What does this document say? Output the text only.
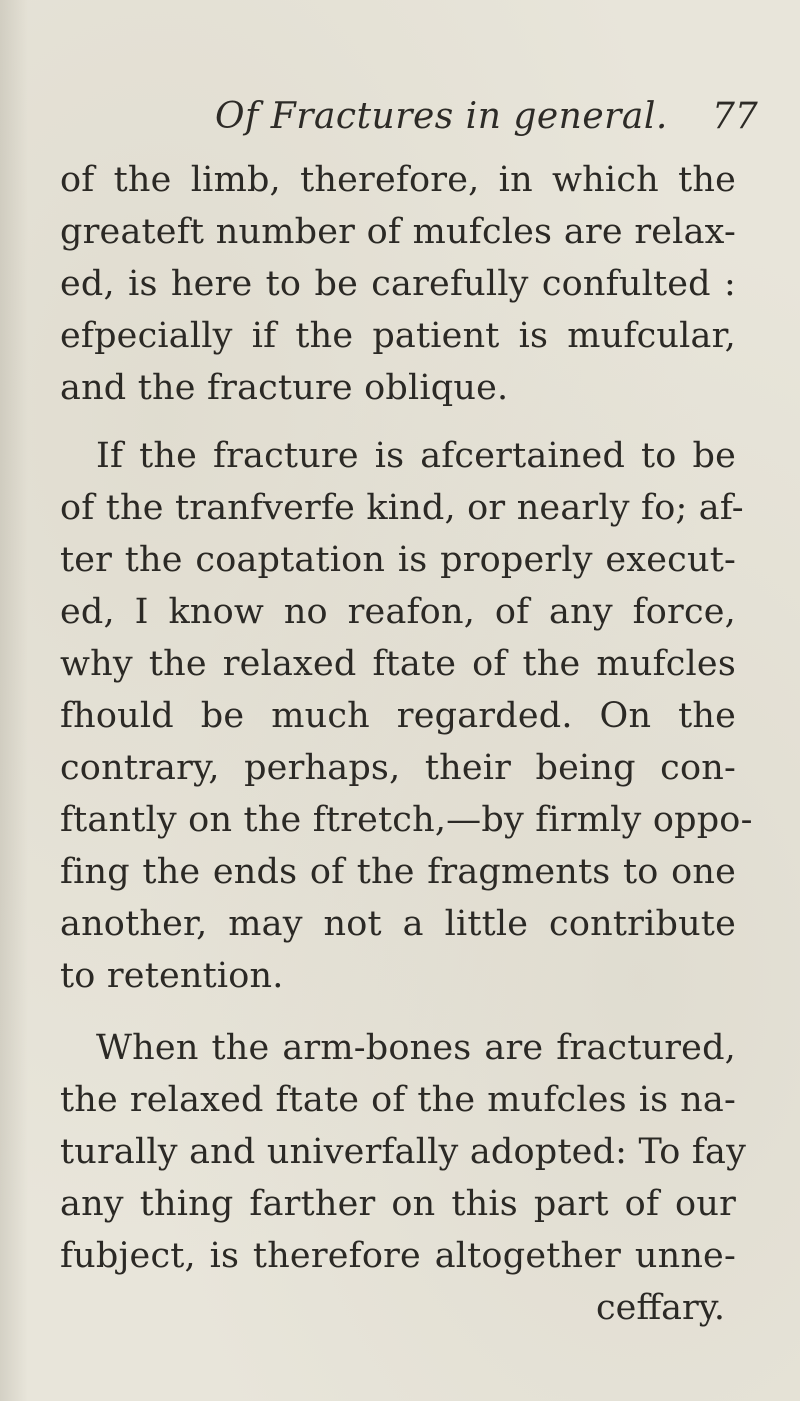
Of Fractures in general. 77
of the limb, therefore, in which the
greateft number of mufcles are relax-
ed, is here to be carefully confulted :
efpecially if the patient is mufcular,
and the fracture oblique.
If the fracture is afcertained to be
of the tranfverfe kind, or nearly fo; af-
ter the coaptation is properly execut-
ed, I know no reafon, of any force,
why the relaxed ftate of the mufcles
fhould be much regarded. On the
contrary, perhaps, their being con-
ftantly on the ftretch,—by firmly oppo-
fing the ends of the fragments to one
another, may not a little contribute
to retention.
When the arm-bones are fractured,
the relaxed ftate of the mufcles is na-
turally and univerfally adopted: To fay
any thing farther on this part of our
fubject, is therefore altogether unne-
ceffary.
